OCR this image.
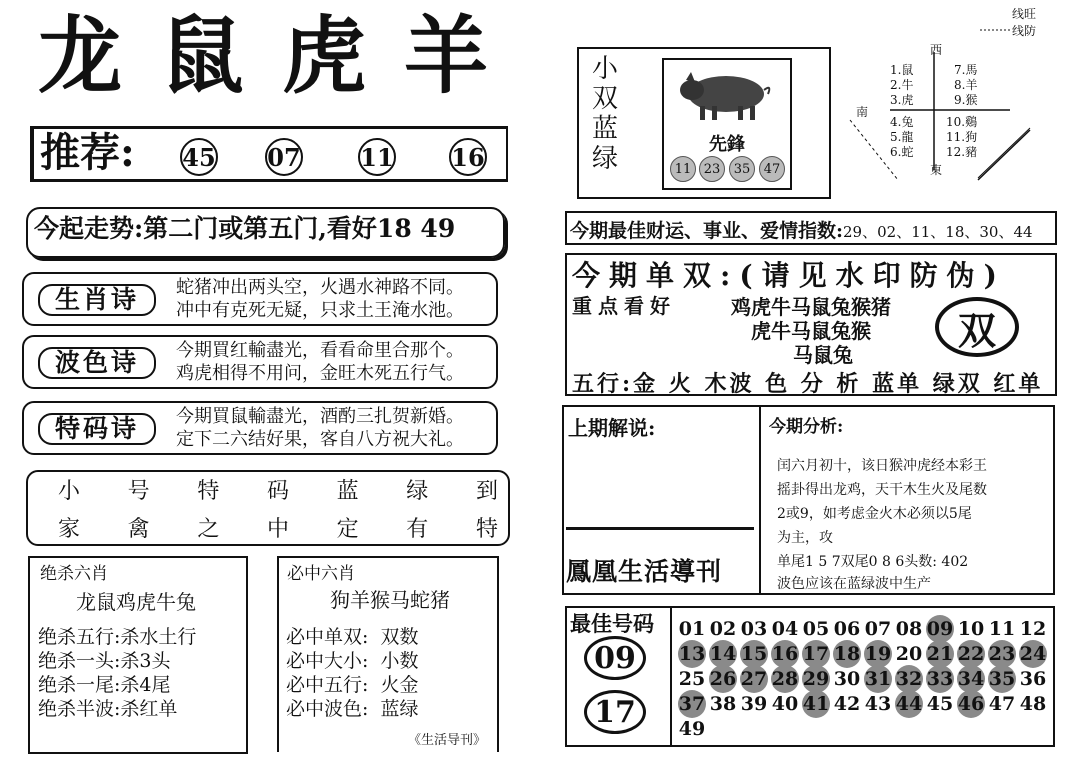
龙鼠虎羊
推荐: 45 07 11 16
今起走势:第二门或第五门,看好18 49
生肖诗	蛇猪冲出两头空，火遇水神路不同。
冲中有克死无疑，只求土王淹水池。
波色诗	今期買红輸盡光，看看命里合那个。
鸡虎相得不用问，金旺木死五行气。
特码诗	今期買鼠輸盡光，酒酌三扎贺新婚。
定下二六结好果，客自八方祝大礼。
小 号 特 码 蓝 绿 到
家 禽 之 中 定 有 特
绝杀六肖
龙鼠鸡虎牛兔
绝杀五行:杀水土行
绝杀一头:杀3头
绝杀一尾:杀4尾
绝杀半波:杀红单
必中六肖
狗羊猴马蛇猪
必中单双: 双数
必中大小: 小数
必中五行: 火金
必中波色: 蓝绿
《生活导刊》
小
双
蓝
绿	先鋒
11 23	35	47
西
南
東
1.鼠
2.牛
3.虎
4.兔
5.龍
6.蛇
7.馬
8.羊
9.猴
10.鷄
11.狗
12.豬
线旺
线防
今期最佳财运、事业、爱情指数:29、02、11、18、30、44
今期单双:(请见水印防伪)
重点看好	鸡虎牛马鼠兔猴猪
虎牛马鼠兔猴
马鼠兔
双
五行:金 火 木波 色 分 析 蓝单 绿双 红单
上期解说:	今期分析:
闰六月初十，该日猴冲虎经本彩王
摇卦得出龙鸡，天干木生火及尾数
2或9，如考虑金火木必须以5尾
为主，攻
单尾1 5 7双尾0 8 6头数: 402
波色应该在蓝绿波中生产
鳳凰生活導刊
最佳号码
09
17
01 02 03 04 05 06 07 08 09 10 11 12
13 14 15 16 17 18 19 20 21 22 23 24
25 26 27 28 29 30 31 32 33 34 35 36
37 38 39 40 41 42 43 44 45 46 47 48
49
